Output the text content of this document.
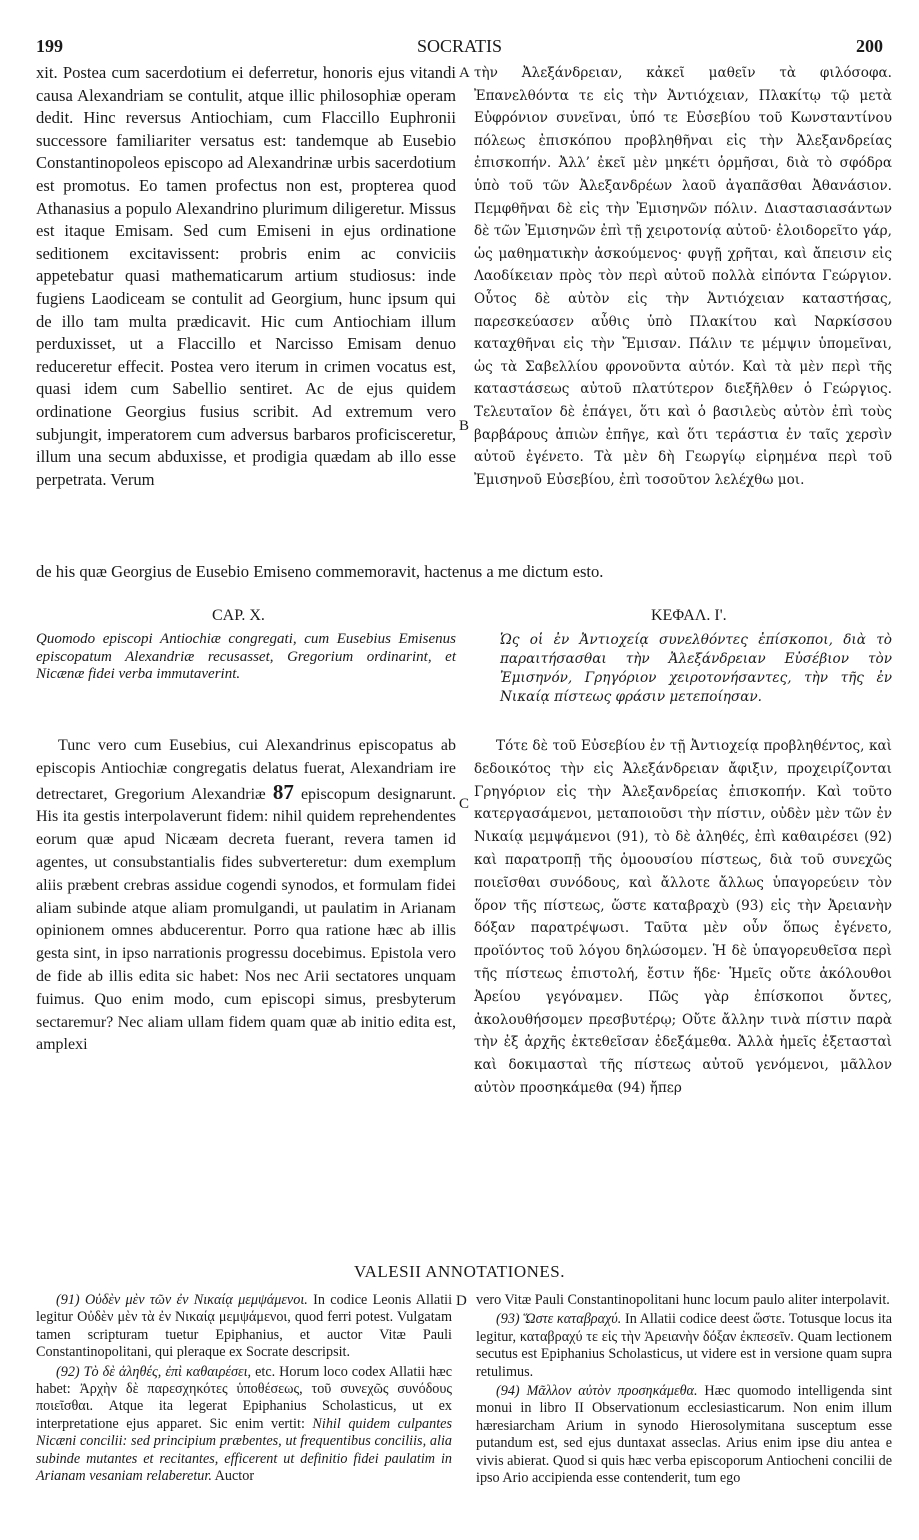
199	SOCRATIS	200
xit. Postea cum sacerdotium ei deferretur, honoris ejus vitandi causa Alexandriam se contulit, atque illic philosophiæ operam dedit. Hinc reversus Antiochiam, cum Flaccillo Euphronii successore familiariter versatus est: tandemque ab Eusebio Constantinopoleos episcopo ad Alexandrinæ urbis sacerdotium est promotus. Eo tamen profectus non est, propterea quod Athanasius a populo Alexandrino plurimum diligeretur. Missus est itaque Emisam. Sed cum Emiseni in ejus ordinatione seditionem excitavissent: probris enim ac conviciis appetebatur quasi mathematicarum artium studiosus: inde fugiens Laodiceam se contulit ad Georgium, hunc ipsum qui de illo tam multa prædicavit. Hic cum Antiochiam illum perduxisset, ut a Flaccillo et Narcisso Emisam denuo reduceretur effecit. Postea vero iterum in crimen vocatus est, quasi idem cum Sabellio sentiret. Ac de ejus quidem ordinatione Georgius fusius scribit. Ad extremum vero subjungit, imperatorem cum adversus barbaros proficisceretur, illum una secum abduxisse, et prodigia quædam ab illo esse perpetrata. Verum
τὴν Ἀλεξάνδρειαν, κἀκεῖ μαθεῖν τὰ φιλόσοφα. Ἐπανελθόντα τε εἰς τὴν Ἀντιόχειαν, Πλακίτῳ τῷ μετὰ Εὐφρόνιον συνεῖναι, ὑπό τε Εὐσεβίου τοῦ Κωνσταντίνου πόλεως ἐπισκόπου προβληθῆναι εἰς τὴν Ἀλεξανδρείας ἐπισκοπήν. Ἀλλ’ ἐκεῖ μὲν μηκέτι ὁρμῆσαι, διὰ τὸ σφόδρα ὑπὸ τοῦ τῶν Ἀλεξανδρέων λαοῦ ἀγαπᾶσθαι Ἀθανάσιον. Πεμφθῆναι δὲ εἰς τὴν Ἐμισηνῶν πόλιν. Διαστασιασάντων δὲ τῶν Ἐμισηνῶν ἐπὶ τῇ χειροτονίᾳ αὐτοῦ· ἐλοιδορεῖτο γάρ, ὡς μαθηματικὴν ἀσκούμενος· φυγῇ χρῆται, καὶ ἄπεισιν εἰς Λαοδίκειαν πρὸς τὸν περὶ αὐτοῦ πολλὰ εἰπόντα Γεώργιον. Οὗτος δὲ αὐτὸν εἰς τὴν Ἀντιόχειαν καταστήσας, παρεσκεύασεν αὖθις ὑπὸ Πλακίτου καὶ Ναρκίσσου καταχθῆναι εἰς τὴν Ἔμισαν. Πάλιν τε μέμψιν ὑπομεῖναι, ὡς τὰ Σαβελλίου φρονοῦντα αὐτόν. Καὶ τὰ μὲν περὶ τῆς καταστάσεως αὐτοῦ πλατύτερον διεξῆλθεν ὁ Γεώργιος. Τελευταῖον δὲ ἐπάγει, ὅτι καὶ ὁ βασιλεὺς αὐτὸν ἐπὶ τοὺς βαρβάρους ἀπιὼν ἐπῆγε, καὶ ὅτι τεράστια ἐν ταῖς χερσὶν αὐτοῦ ἐγένετο. Τὰ μὲν δὴ Γεωργίῳ εἰρημένα περὶ τοῦ Ἐμισηνοῦ Εὐσεβίου, ἐπὶ τοσοῦτον λελέχθω μοι.
A
B
C
D
de his quæ Georgius de Eusebio Emiseno commemoravit, hactenus a me dictum esto.
CAP. X.	ΚΕΦΑΛ. Ι'.
Quomodo episcopi Antiochiæ congregati, cum Eusebius Emisenus episcopatum Alexandriæ recusasset, Gregorium ordinarint, et Nicænæ fidei verba immutaverint.
Ὡς οἱ ἐν Ἀντιοχείᾳ συνελθόντες ἐπίσκοποι, διὰ τὸ παραιτήσασθαι τὴν Ἀλεξάνδρειαν Εὐσέβιον τὸν Ἐμισηνόν, Γρηγόριον χειροτονήσαντες, τὴν τῆς ἐν Νικαίᾳ πίστεως φράσιν μετεποίησαν.
Tunc vero cum Eusebius, cui Alexandrinus episcopatus ab episcopis Antiochiæ congregatis delatus fuerat, Alexandriam ire detrectaret, Gregorium Alexandriæ 87 episcopum designarunt. His ita gestis interpolaverunt fidem: nihil quidem reprehendentes eorum quæ apud Nicæam decreta fuerant, revera tamen id agentes, ut consubstantialis fides subverteretur: dum exemplum aliis præbent crebras assidue cogendi synodos, et formulam fidei aliam subinde atque aliam promulgandi, ut paulatim in Arianam opinionem omnes abducerentur. Porro qua ratione hæc ab illis gesta sint, in ipso narrationis progressu docebimus. Epistola vero de fide ab illis edita sic habet: Nos nec Arii sectatores unquam fuimus. Quo enim modo, cum episcopi simus, presbyterum sectaremur? Nec aliam ullam fidem quam quæ ab initio edita est, amplexi
Τότε δὲ τοῦ Εὐσεβίου ἐν τῇ Ἀντιοχείᾳ προβληθέντος, καὶ δεδοικότος τὴν εἰς Ἀλεξάνδρειαν ἄφιξιν, προχειρίζονται Γρηγόριον εἰς τὴν Ἀλεξανδρείας ἐπισκοπήν. Καὶ τοῦτο κατεργασάμενοι, μεταποιοῦσι τὴν πίστιν, οὐδὲν μὲν τῶν ἐν Νικαίᾳ μεμψάμενοι (91), τὸ δὲ ἀληθές, ἐπὶ καθαιρέσει (92) καὶ παρατροπῇ τῆς ὁμοουσίου πίστεως, διὰ τοῦ συνεχῶς ποιεῖσθαι συνόδους, καὶ ἄλλοτε ἄλλως ὑπαγορεύειν τὸν ὅρον τῆς πίστεως, ὥστε καταβραχὺ (93) εἰς τὴν Ἀρειανὴν δόξαν παρατρέψωσι. Ταῦτα μὲν οὖν ὅπως ἐγένετο, προϊόντος τοῦ λόγου δηλώσομεν. Ἡ δὲ ὑπαγορευθεῖσα περὶ τῆς πίστεως ἐπιστολή, ἔστιν ἥδε· Ἡμεῖς οὔτε ἀκόλουθοι Ἀρείου γεγόναμεν. Πῶς γὰρ ἐπίσκοποι ὄντες, ἀκολουθήσομεν πρεσβυτέρῳ; Οὔτε ἄλλην τινὰ πίστιν παρὰ τὴν ἐξ ἀρχῆς ἐκτεθεῖσαν ἐδεξάμεθα. Ἀλλὰ ἡμεῖς ἐξετασταὶ καὶ δοκιμασταὶ τῆς πίστεως αὐτοῦ γενόμενοι, μᾶλλον αὐτὸν προσηκάμεθα (94) ἤπερ
VALESII ANNOTATIONES.

(91) Οὐδὲν μὲν τῶν ἐν Νικαίᾳ μεμψάμενοι. In codice Leonis Allatii legitur Οὐδὲν μὲν τὰ ἐν Νικαίᾳ μεμψάμενοι, quod ferri potest. Vulgatam tamen scripturam tuetur Epiphanius, et auctor Vitæ Pauli Constantinopolitani, qui pleraque ex Socrate descripsit.

(92) Τὸ δὲ ἀληθές, ἐπὶ καθαιρέσει, etc. Horum loco codex Allatii hæc habet: Ἀρχὴν δὲ παρεσχηκότες ὑποθέσεως, τοῦ συνεχῶς συνόδους ποιεῖσθαι. Atque ita legerat Epiphanius Scholasticus, ut ex interpretatione ejus apparet. Sic enim vertit: Nihil quidem culpantes Nicæni concilii: sed principium præbentes, ut frequentibus conciliis, alia subinde mutantes et recitantes, efficerent ut definitio fidei paulatim in Arianam vesaniam relaberetur. Auctor

vero Vitæ Pauli Constantinopolitani hunc locum paulo aliter interpolavit.

(93) Ὥστε καταβραχύ. In Allatii codice deest ὥστε. Totusque locus ita legitur, καταβραχύ τε εἰς τὴν Ἀρειανὴν δόξαν ἐκπεσεῖν. Quam lectionem secutus est Epiphanius Scholasticus, ut videre est in versione quam supra retulimus.

(94) Μᾶλλον αὐτὸν προσηκάμεθα. Hæc quomodo intelligenda sint monui in libro II Observationum ecclesiasticarum. Non enim illum hæresiarcham Arium in synodo Hierosolymitana susceptum esse putandum est, sed ejus duntaxat asseclas. Arius enim ipse diu antea e vivis abierat. Quod si quis hæc verba episcoporum Antiocheni concilii de ipso Ario accipienda esse contenderit, tum ego
